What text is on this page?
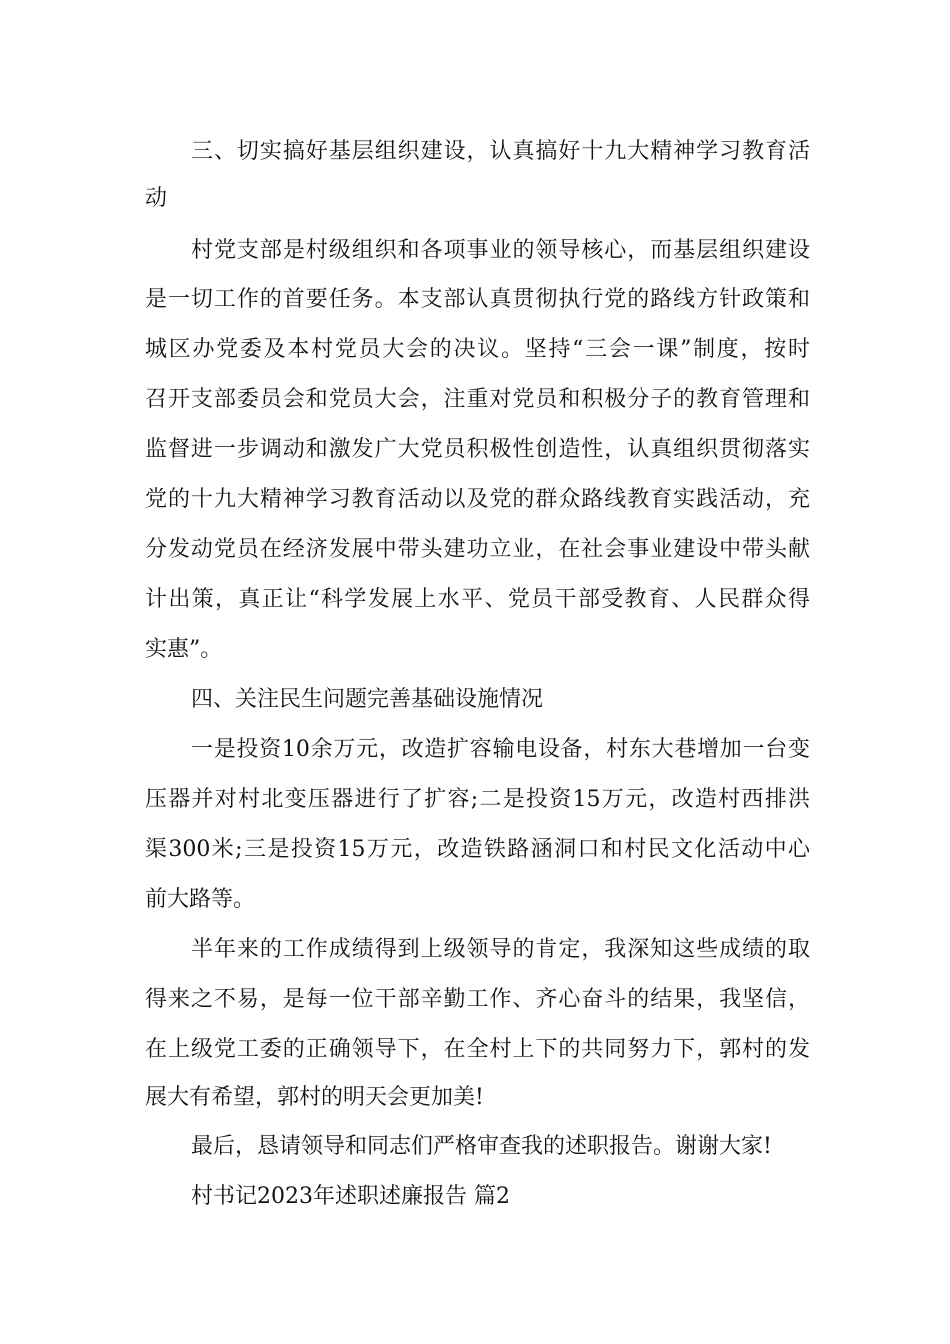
三、切实搞好基层组织建设，认真搞好十九大精神学习教育活

动

村党支部是村级组织和各项事业的领导核心，而基层组织建设

是一切工作的首要任务。本支部认真贯彻执行党的路线方针政策和

城区办党委及本村党员大会的决议。坚持“三会一课”制度，按时

召开支部委员会和党员大会，注重对党员和积极分子的教育管理和

监督进一步调动和激发广大党员积极性创造性，认真组织贯彻落实

党的十九大精神学习教育活动以及党的群众路线教育实践活动，充

分发动党员在经济发展中带头建功立业，在社会事业建设中带头献

计出策，真正让“科学发展上水平、党员干部受教育、人民群众得

实惠”。

四、关注民生问题完善基础设施情况

一是投资10余万元，改造扩容输电设备，村东大巷增加一台变

压器并对村北变压器进行了扩容;二是投资15万元，改造村西排洪

渠300米;三是投资15万元，改造铁路涵洞口和村民文化活动中心

前大路等。

半年来的工作成绩得到上级领导的肯定，我深知这些成绩的取

得来之不易，是每一位干部辛勤工作、齐心奋斗的结果，我坚信，

在上级党工委的正确领导下，在全村上下的共同努力下，郭村的发

展大有希望，郭村的明天会更加美!

最后，恳请领导和同志们严格审查我的述职报告。谢谢大家!

村书记2023年述职述廉报告 篇2
